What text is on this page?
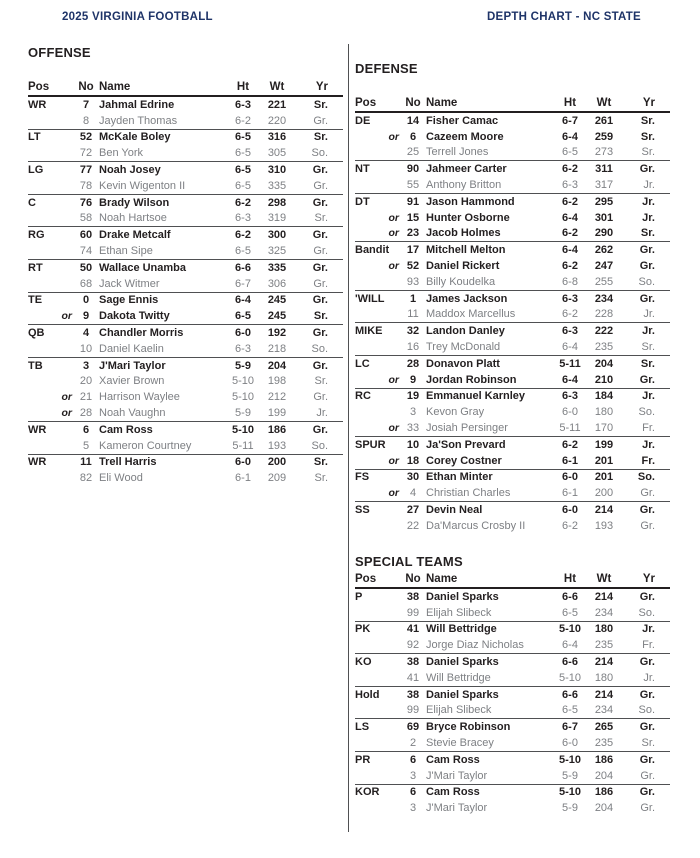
2025 VIRGINIA FOOTBALL	DEPTH CHART - NC STATE
OFFENSE
Pos	No Name	Ht	Wt	Yr
WR	7 Jahmal Edrine	6-3	221	Sr.
8 Jayden Thomas	6-2	220	Gr.
LT	52 McKale Boley	6-5	316	Sr.
72 Ben York	6-5	305	So.
LG	77 Noah Josey	6-5	310	Gr.
78 Kevin Wigenton II	6-5	335	Gr.
C	76 Brady Wilson	6-2	298	Gr.
58 Noah Hartsoe	6-3	319	Sr.
RG	60 Drake Metcalf	6-2	300	Gr.
74 Ethan Sipe	6-5	325	Gr.
RT	50 Wallace Unamba	6-6	335	Gr.
68 Jack Witmer	6-7	306	Gr.
TE	0 Sage Ennis	6-4	245	Gr.
or 9 Dakota Twitty	6-5	245	Sr.
QB	4 Chandler Morris	6-0	192	Gr.
10 Daniel Kaelin	6-3	218	So.
TB	3 J'Mari Taylor	5-9	204	Gr.
20 Xavier Brown	5-10	198	Sr.
or 21 Harrison Waylee	5-10	212	Gr.
or 28 Noah Vaughn	5-9	199	Jr.
WR	6 Cam Ross	5-10	186	Gr.
5 Kameron Courtney	5-11	193	So.
WR	11 Trell Harris	6-0	200	Sr.
82 Eli Wood	6-1	209	Sr.
DEFENSE
Pos	No Name	Ht	Wt	Yr
DE	14 Fisher Camac	6-7	261	Sr.
or 6 Cazeem Moore	6-4	259	Sr.
25 Terrell Jones	6-5	273	Sr.
NT	90 Jahmeer Carter	6-2	311	Gr.
55 Anthony Britton	6-3	317	Jr.
DT	91 Jason Hammond	6-2	295	Jr.
or 15 Hunter Osborne	6-4	301	Jr.
or 23 Jacob Holmes	6-2	290	Sr.
Bandit	17 Mitchell Melton	6-4	262	Gr.
or 52 Daniel Rickert	6-2	247	Gr.
93 Billy Koudelka	6-8	255	So.
'WILL	1 James Jackson	6-3	234	Gr.
11 Maddox Marcellus	6-2	228	Jr.
MIKE	32 Landon Danley	6-3	222	Jr.
16 Trey McDonald	6-4	235	Sr.
LC	28 Donavon Platt	5-11	204	Sr.
or 9 Jordan Robinson	6-4	210	Gr.
RC	19 Emmanuel Karnley	6-3	184	Jr.
3 Kevon Gray	6-0	180	So.
or 33 Josiah Persinger	5-11	170	Fr.
SPUR	10 Ja'Son Prevard	6-2	199	Jr.
or 18 Corey Costner	6-1	201	Fr.
FS	30 Ethan Minter	6-0	201	So.
or 4 Christian Charles	6-1	200	Gr.
SS	27 Devin Neal	6-0	214	Gr.
22 Da'Marcus Crosby II	6-2	193	Gr.
SPECIAL TEAMS
Pos	No Name	Ht	Wt	Yr
P	38 Daniel Sparks	6-6	214	Gr.
99 Elijah Slibeck	6-5	234	So.
PK	41 Will Bettridge	5-10	180	Jr.
92 Jorge Diaz Nicholas	6-4	235	Fr.
KO	38 Daniel Sparks	6-6	214	Gr.
41 Will Bettridge	5-10	180	Jr.
Hold	38 Daniel Sparks	6-6	214	Gr.
99 Elijah Slibeck	6-5	234	So.
LS	69 Bryce Robinson	6-7	265	Gr.
2 Stevie Bracey	6-0	235	Sr.
PR	6 Cam Ross	5-10	186	Gr.
3 J'Mari Taylor	5-9	204	Gr.
KOR	6 Cam Ross	5-10	186	Gr.
3 J'Mari Taylor	5-9	204	Gr.
